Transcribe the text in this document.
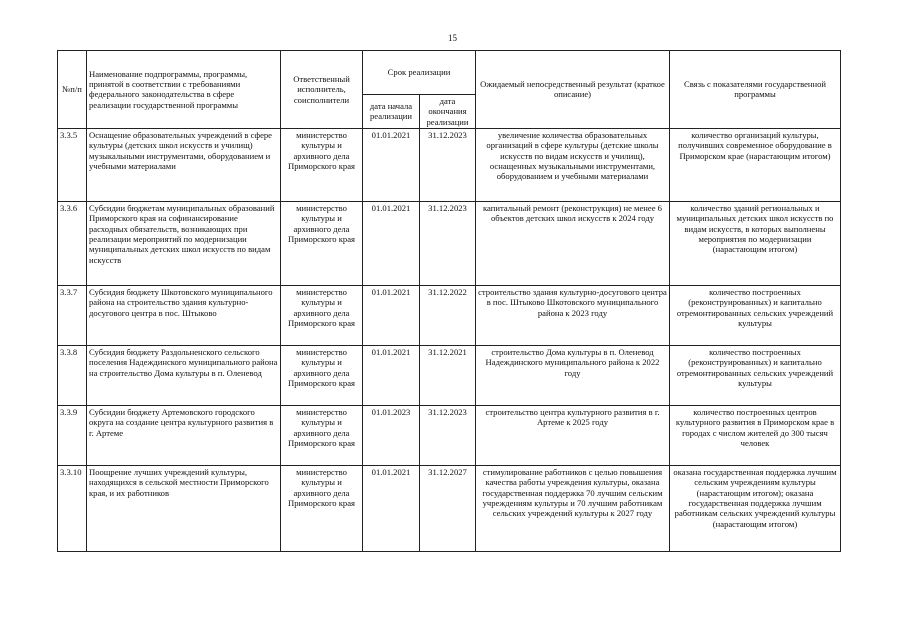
15
№п/п	Наименование подпрограммы, программы, принятой в соответствии с требованиями федерального законодательства в сфере реализации государственной программы	Ответственный исполнитель, соисполнители	Срок реализации		Ожидаемый непосредственный результат (краткое описание)	Связь с показателями государственной программы
			дата начала реализации	дата окончания реализации		
3.3.5	Оснащение образовательных учреждений в сфере культуры (детских школ искусств и училищ) музыкальными инструментами, оборудованием и учебными материалами	министерство культуры и архивного дела Приморского края	01.01.2021	31.12.2023	увеличение количества образовательных организаций в сфере культуры (детские школы искусств по видам искусств и училищ), оснащенных музыкальными инструментами, оборудованием и учебными материалами	количество организаций культуры, получивших современное оборудование в Приморском крае (нарастающим итогом)
3.3.6	Субсидии бюджетам муниципальных образований Приморского края на софинансирование расходных обязательств, возникающих при реализации мероприятий по модернизации муниципальных детских школ искусств по видам искусств	министерство культуры и архивного дела Приморского края	01.01.2021	31.12.2023	капитальный ремонт (реконструкция) не менее 6 объектов детских школ искусств к 2024 году	количество зданий региональных и муниципальных детских школ искусств по видам искусств, в которых выполнены мероприятия по модернизации (нарастающим итогом)
3.3.7	Субсидия бюджету Шкотовского муниципального района на строительство здания культурно-досугового центра в пос. Штыково	министерство культуры и архивного дела Приморского края	01.01.2021	31.12.2022	строительство здания культурно-досугового центра в пос. Штыково Шкотовского муниципального района к 2023 году	количество построенных (реконструированных) и капитально отремонтированных сельских учреждений культуры
3.3.8	Субсидия бюджету Раздольненского сельского поселения Надеждинского муниципального района на строительство Дома культуры в п. Оленевод	министерство культуры и архивного дела Приморского края	01.01.2021	31.12.2021	строительство Дома культуры в п. Оленевод Надеждинского муниципального района к 2022 году	количество построенных (реконструированных) и капитально отремонтированных сельских учреждений культуры
3.3.9	Субсидии бюджету Артемовского городского округа на создание центра культурного развития в г. Артеме	министерство культуры и архивного дела Приморского края	01.01.2023	31.12.2023	строительство центра культурного развития в г. Артеме к 2025 году	количество построенных центров культурного развития в Приморском крае в городах с числом жителей до 300 тысяч человек
3.3.10	Поощрение лучших учреждений культуры, находящихся в сельской местности Приморского края, и их работников	министерство культуры и архивного дела Приморского края	01.01.2021	31.12.2027	стимулирование работников с целью повышения качества работы учреждения культуры, оказана государственная поддержка 70 лучшим сельским учреждениям культуры и 70 лучшим работникам сельских учреждений культуры к 2027 году	оказана государственная поддержка лучшим сельским учреждениям культуры (нарастающим итогом); оказана государственная поддержка лучшим работникам сельских учреждений культуры (нарастающим итогом)
